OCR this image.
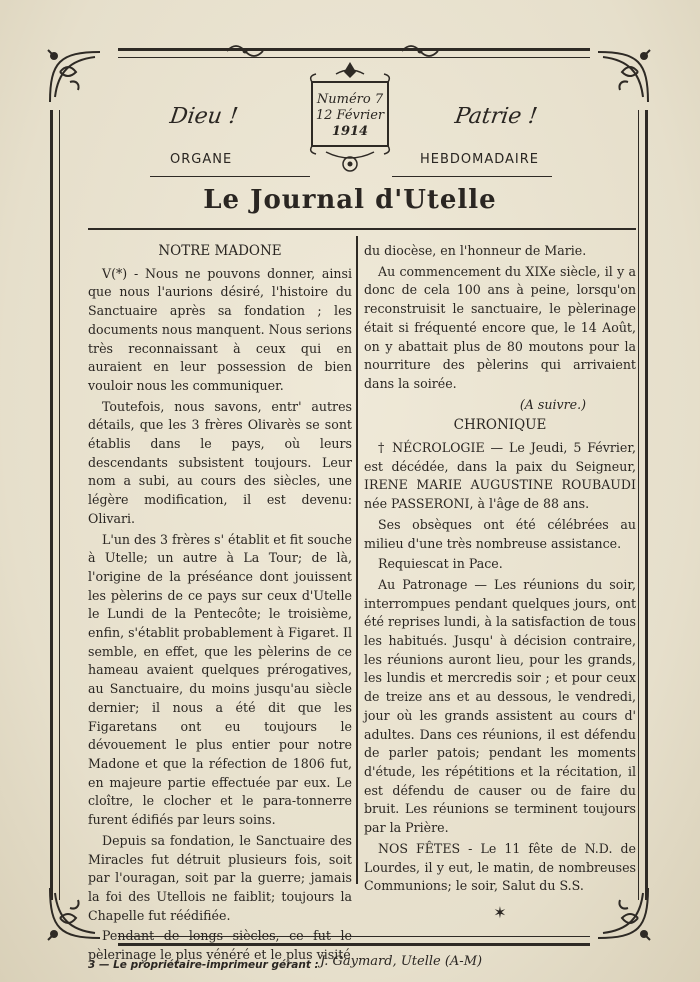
Dieu !	Patrie !
Numéro 7
12 Février
1914
ORGANE	HEBDOMADAIRE
Le Journal d'Utelle
NOTRE MADONE

V(*) - Nous ne pouvons donner, ainsi que nous l'aurions désiré, l'histoire du Sanctuaire après sa fondation ; les documents nous manquent. Nous serions très reconnaissant à ceux qui en auraient en leur possession de bien vouloir nous les communiquer.

Toutefois, nous savons, entr' autres détails, que les 3 frères Olivarès se sont établis dans le pays, où leurs descendants subsistent toujours. Leur nom a subi, au cours des siècles, une légère modification, il est devenu: Olivari.

L'un des 3 frères s' établit et fit souche à Utelle; un autre à La Tour; de là, l'origine de la préséance dont jouissent les pèlerins de ce pays sur ceux d'Utelle le Lundi de la Pentecôte; le troisième, enfin, s'établit probablement à Figaret. Il semble, en effet, que les pèlerins de ce hameau avaient quelques prérogatives, au Sanctuaire, du moins jusqu'au siècle dernier; il nous a été dit que les Figaretans ont eu toujours le dévouement le plus entier pour notre Madone et que la réfection de 1806 fut, en majeure partie effectuée par eux. Le cloître, le clocher et le para-tonnerre furent édifiés par leurs soins.

Depuis sa fondation, le Sanctuaire des Miracles fut détruit plusieurs fois, soit par l'ouragan, soit par la guerre; jamais la foi des Utellois ne faiblit; toujours la Chapelle fut réédifiée.

Pendant de longs siècles, ce fut le pèlerinage le plus vénéré et le plus visité

du diocèse, en l'honneur de Marie.

Au commencement du XIXe siècle, il y a donc de cela 100 ans à peine, lorsqu'on reconstruisit le sanctuaire, le pèlerinage était si fréquenté encore que, le 14 Août, on y abattait plus de 80 moutons pour la nourriture des pèlerins qui arrivaient dans la soirée.

(A suivre.)
CHRONIQUE

† NÉCROLOGIE — Le Jeudi, 5 Février, est décédée, dans la paix du Seigneur, IRENE MARIE AUGUSTINE ROUBAUDI née PASSERONI, à l'âge de 88 ans.

Ses obsèques ont été célébrées au milieu d'une très nombreuse assistance.

Requiescat in Pace.

Au Patronage — Les réunions du soir, interrompues pendant quelques jours, ont été reprises lundi, à la satisfaction de tous les habitués. Jusqu' à décision contraire, les réunions auront lieu, pour les grands, les lundis et mercredis soir ; et pour ceux de treize ans et au dessous, le vendredi, jour où les grands assistent au cours d' adultes. Dans ces réunions, il est défendu de parler patois; pendant les moments d'étude, les répétitions et la récitation, il est défendu de causer ou de faire du bruit. Les réunions se terminent toujours par la Prière.

NOS FÊTES - Le 11 fête de N.D. de Lourdes, il y eut, le matin, de nombreuses Communions; le soir, Salut du S.S.

✶
3 — Le propriétaire-imprimeur gérant : J. Gaymard, Utelle (A-M)
